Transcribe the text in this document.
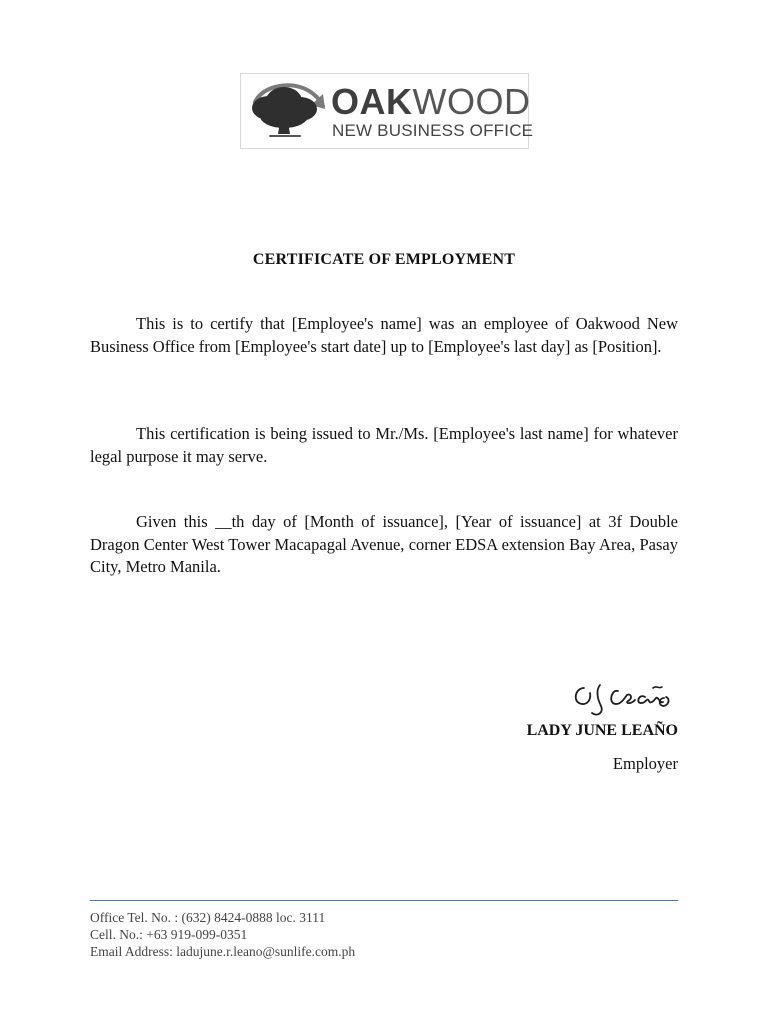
OAKWOOD
NEW BUSINESS OFFICE
CERTIFICATE OF EMPLOYMENT

This is to certify that [Employee's name] was an employee of Oakwood New Business Office from [Employee's start date] up to [Employee's last day] as [Position].

This certification is being issued to Mr./Ms. [Employee's last name] for whatever legal purpose it may serve.

Given this __th day of [Month of issuance], [Year of issuance] at 3f Double Dragon Center West Tower Macapagal Avenue, corner EDSA extension Bay Area, Pasay City, Metro Manila.

LADY JUNE LEAÑO
Employer
Office Tel. No. : (632) 8424-0888 loc. 3111
Cell. No.: +63 919-099-0351
Email Address: ladujune.r.leano@sunlife.com.ph
